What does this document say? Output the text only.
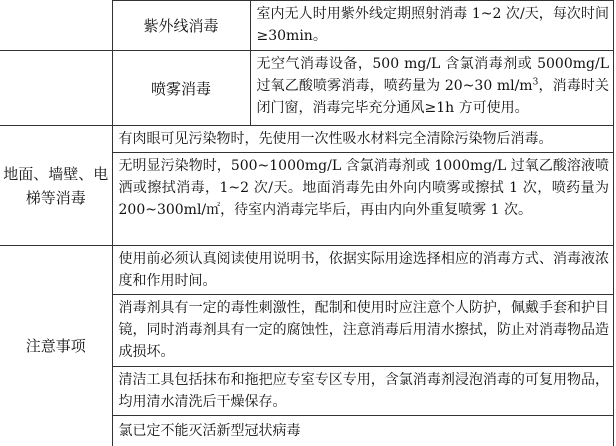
	紫外线消毒	室内无人时用紫外线定期照射消毒 1~2 次/天，每次时间≥30min。
	喷雾消毒	无空气消毒设备，500 mg/L 含氯消毒剂或 5000mg/L 过氧乙酸喷雾消毒，喷药量为 20~30 $ml/m^3$，消毒时关闭门窗，消毒完毕充分通风≥1h 方可使用。
地面、墙壁、电梯等消毒	有肉眼可见污染物时，先使用一次性吸水材料完全清除污染物后消毒。	
	无明显污染物时，500~1000mg/L 含氯消毒剂或 1000mg/L 过氧乙酸溶液喷洒或擦拭消毒，1~2 次/天。地面消毒先由外向内喷雾或擦拭 1 次，喷药量为 200~300ml/㎡，待室内消毒完毕后，再由内向外重复喷雾 1 次。	
注意事项	使用前必须认真阅读使用说明书，依据实际用途选择相应的消毒方式、消毒液浓度和作用时间。	
	消毒剂具有一定的毒性刺激性，配制和使用时应注意个人防护，佩戴手套和护目镜，同时消毒剂具有一定的腐蚀性，注意消毒后用清水擦拭，防止对消毒物品造成损坏。	
	清洁工具包括抹布和拖把应专室专区专用，含氯消毒剂浸泡消毒的可复用物品，均用清水清洗后干燥保存。	
	氯已定不能灭活新型冠状病毒	
